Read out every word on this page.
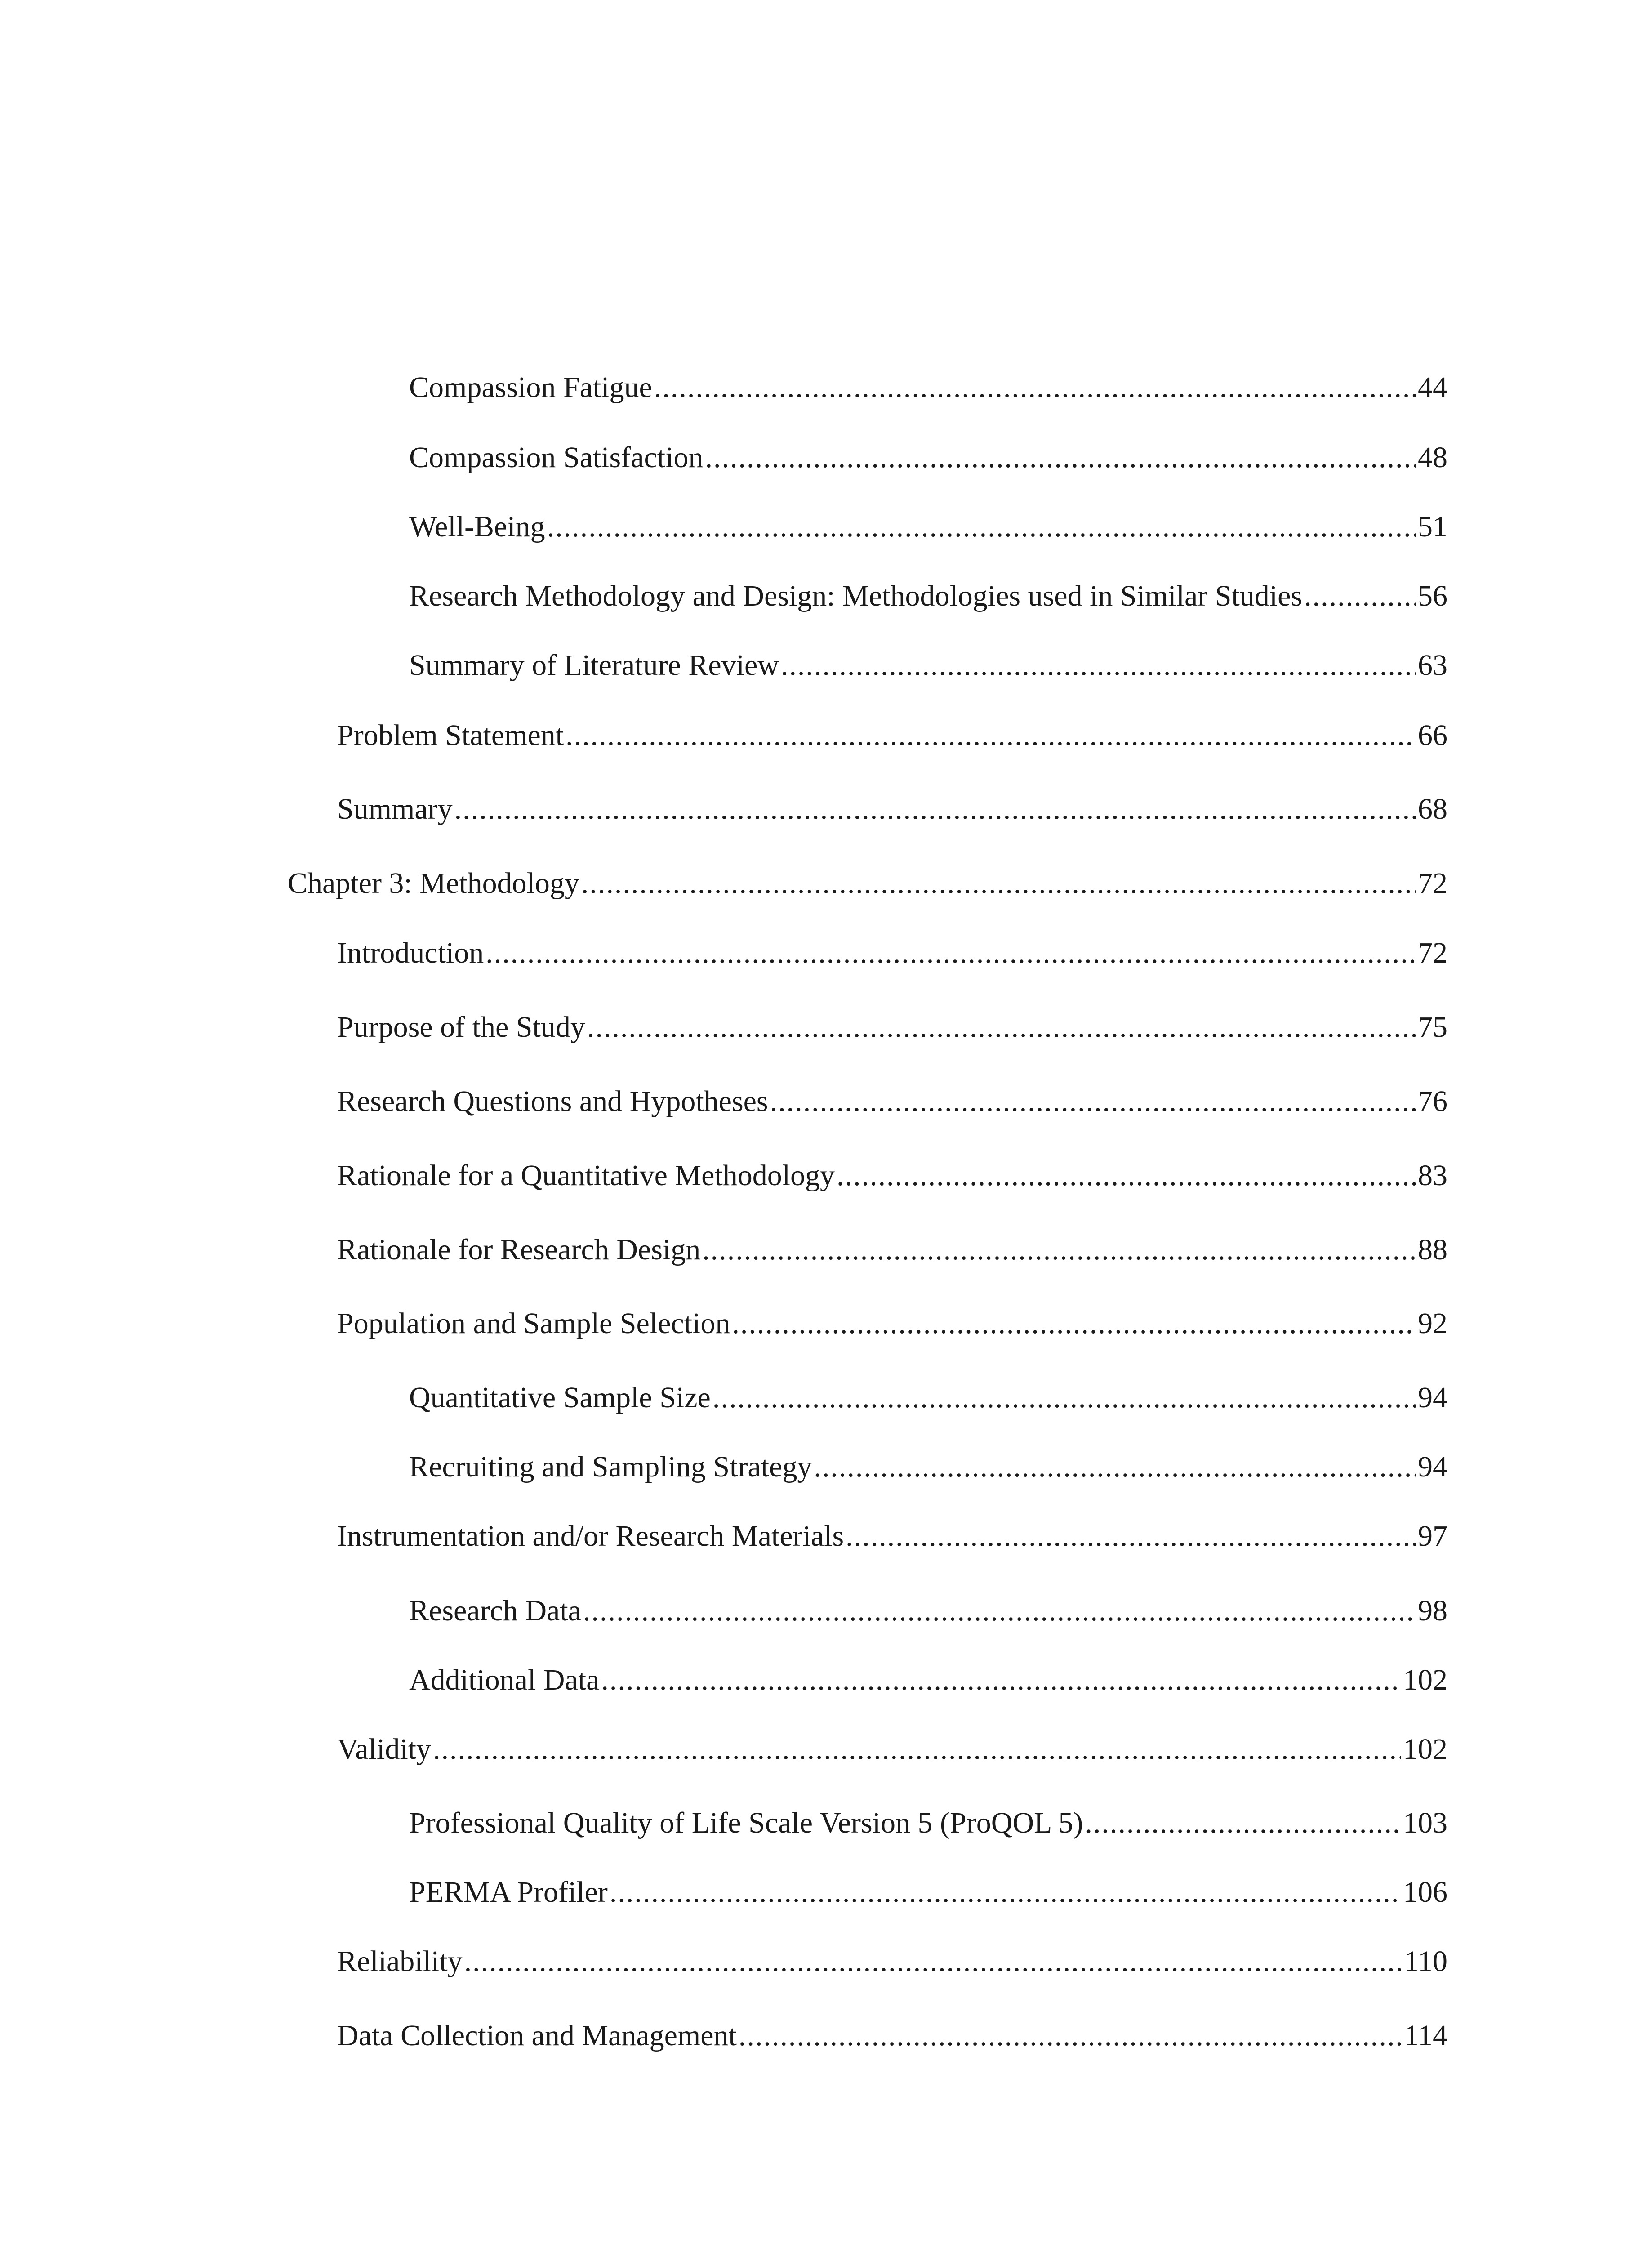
Compassion Fatigue .....	44
Compassion Satisfaction .....	48
Well-Being .....	51
Research Methodology and Design: Methodologies used in Similar Studies .....	56
Summary of Literature Review .....	63
Problem Statement .....	66
Summary .....	68
Chapter 3: Methodology .....	72
Introduction .....	72
Purpose of the Study .....	75
Research Questions and Hypotheses .....	76
Rationale for a Quantitative Methodology .....	83
Rationale for Research Design .....	88
Population and Sample Selection .....	92
Quantitative Sample Size .....	94
Recruiting and Sampling Strategy .....	94
Instrumentation and/or Research Materials .....	97
Research Data .....	98
Additional Data .....	102
Validity .....	102
Professional Quality of Life Scale Version 5 (ProQOL 5) .....	103
PERMA Profiler .....	106
Reliability .....	110
Data Collection and Management .....	114
